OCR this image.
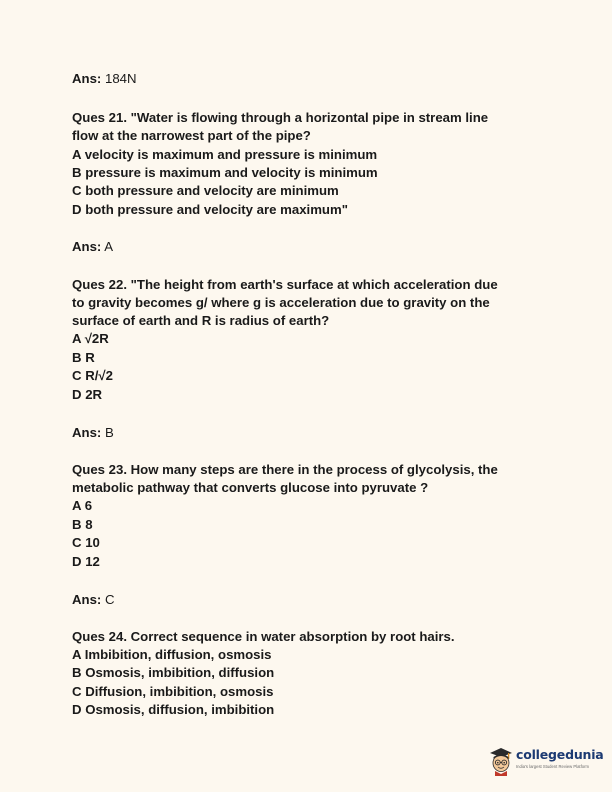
Ans: 184N
Ques 21. "Water is flowing through a horizontal pipe in stream line
flow at the narrowest part of the pipe?
A velocity is maximum and pressure is minimum
B pressure is maximum and velocity is minimum
C both pressure and velocity are minimum
D both pressure and velocity are maximum"
Ans: A
Ques 22. "The height from earth's surface at which acceleration due
to gravity becomes g/ where g is acceleration due to gravity on the
surface of earth and R is radius of earth?
A √2R
B R
C R/√2
D 2R
Ans: B
Ques 23. How many steps are there in the process of glycolysis, the
metabolic pathway that converts glucose into pyruvate ?
A 6
B 8
C 10
D 12
Ans: C
Ques 24. Correct sequence in water absorption by root hairs.
A Imbibition, diffusion, osmosis
B Osmosis, imbibition, diffusion
C Diffusion, imbibition, osmosis
D Osmosis, diffusion, imbibition
collegedunia
India's largest Student Review Platform
